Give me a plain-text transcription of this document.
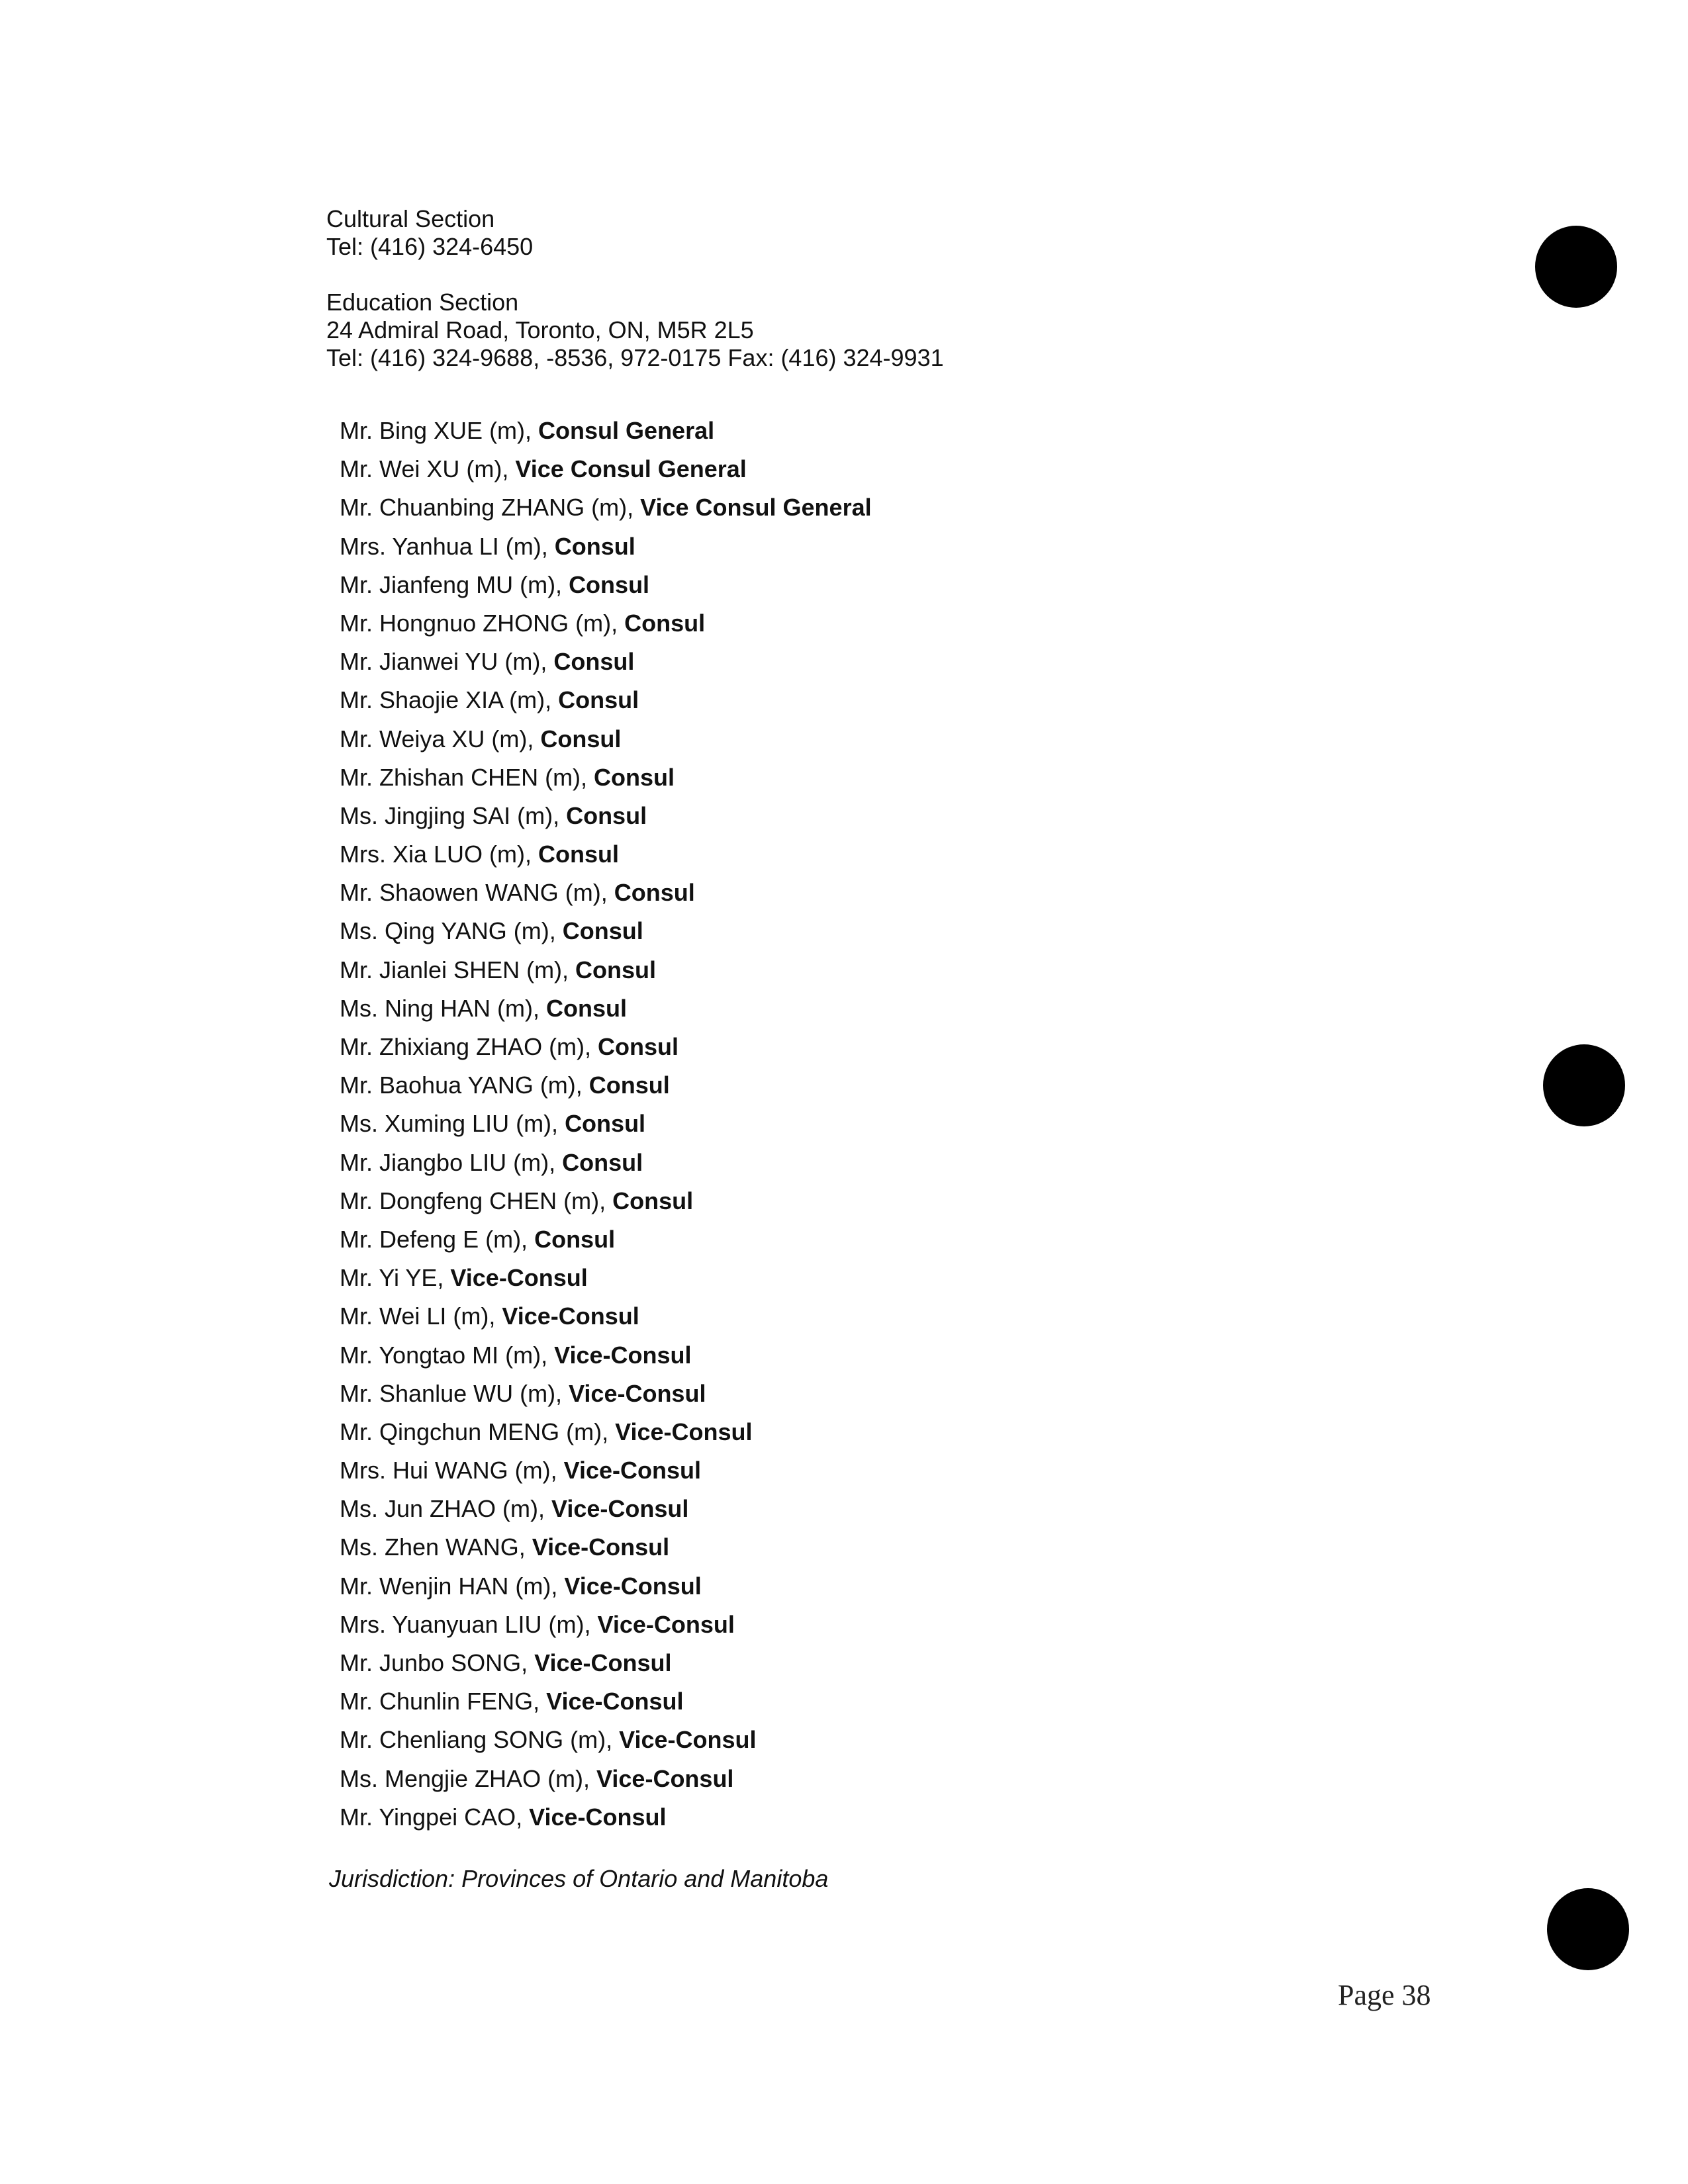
Cultural Section
Tel: (416) 324-6450
Education Section
24 Admiral Road, Toronto, ON, M5R 2L5
Tel: (416) 324-9688, -8536, 972-0175 Fax: (416) 324-9931
Mr. Bing XUE (m), Consul General
Mr. Wei XU (m), Vice Consul General
Mr. Chuanbing ZHANG (m), Vice Consul General
Mrs. Yanhua LI (m), Consul
Mr. Jianfeng MU (m), Consul
Mr. Hongnuo ZHONG (m), Consul
Mr. Jianwei YU (m), Consul
Mr. Shaojie XIA (m), Consul
Mr. Weiya XU (m), Consul
Mr. Zhishan CHEN (m), Consul
Ms. Jingjing SAI (m), Consul
Mrs. Xia LUO (m), Consul
Mr. Shaowen WANG (m), Consul
Ms. Qing YANG (m), Consul
Mr. Jianlei SHEN (m), Consul
Ms. Ning HAN (m), Consul
Mr. Zhixiang ZHAO (m), Consul
Mr. Baohua YANG (m), Consul
Ms. Xuming LIU (m), Consul
Mr. Jiangbo LIU (m), Consul
Mr. Dongfeng CHEN (m), Consul
Mr. Defeng E (m), Consul
Mr. Yi YE, Vice-Consul
Mr. Wei LI (m), Vice-Consul
Mr. Yongtao MI (m), Vice-Consul
Mr. Shanlue WU (m), Vice-Consul
Mr. Qingchun MENG (m), Vice-Consul
Mrs. Hui WANG (m), Vice-Consul
Ms. Jun ZHAO (m), Vice-Consul
Ms. Zhen WANG, Vice-Consul
Mr. Wenjin HAN (m), Vice-Consul
Mrs. Yuanyuan LIU (m), Vice-Consul
Mr. Junbo SONG, Vice-Consul
Mr. Chunlin FENG, Vice-Consul
Mr. Chenliang SONG (m), Vice-Consul
Ms. Mengjie ZHAO (m), Vice-Consul
Mr. Yingpei CAO, Vice-Consul
Jurisdiction: Provinces of Ontario and Manitoba
Page 38
